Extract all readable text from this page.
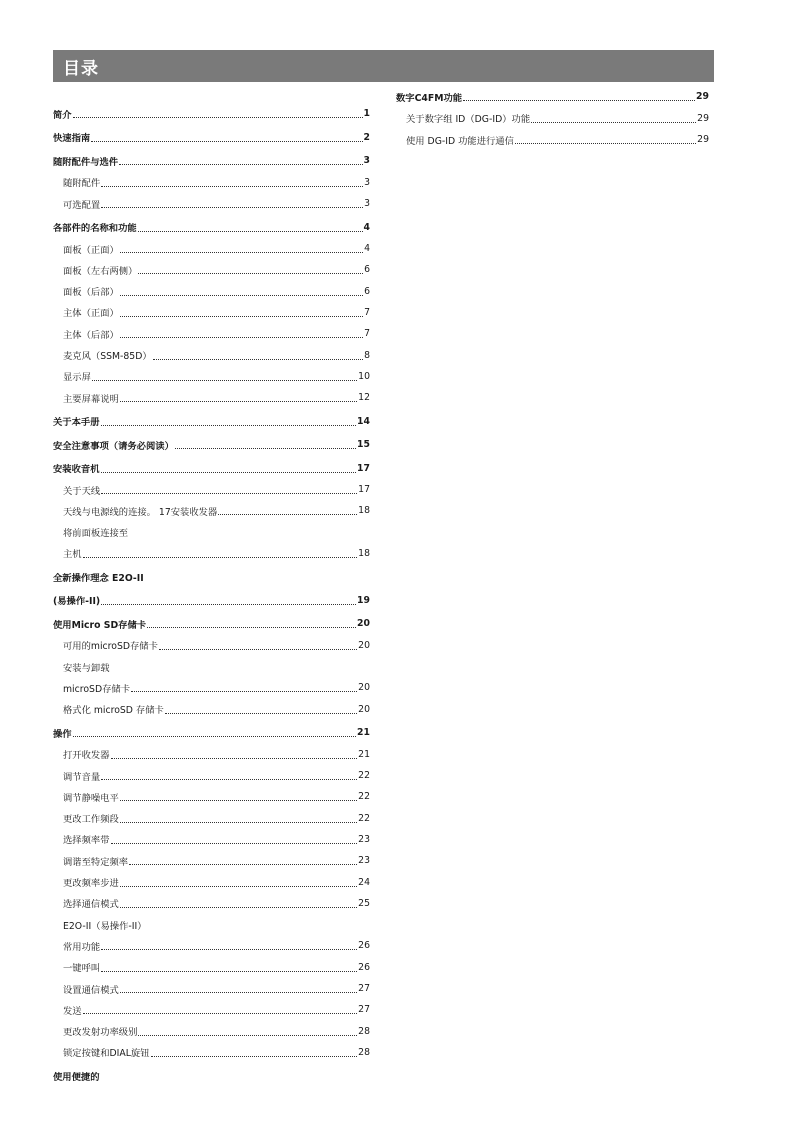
目录
简介	1
快速指南	2
随附配件与选件	3
随附配件	3
可选配置	3
各部件的名称和功能	4
面板（正面）	4
面板（左右两侧）	6
面板（后部）	6
主体（正面）	7
主体（后部）	7
麦克风（SSM-85D）	8
显示屏	10
主要屏幕说明	12
关于本手册	14
安全注意事项（请务必阅读）	15
安装收音机	17
关于天线	17
天线与电源线的连接。 17安装收发器	18
将前面板连接至
主机	18
全新操作理念 E2O-II
(易操作-II)	19
使用Micro SD存储卡	20
可用的microSD存储卡	20
安装与卸载
microSD存储卡	20
格式化 microSD 存储卡	20
操作	21
打开收发器	21
调节音量	22
调节静噪电平	22
更改工作频段	22
选择频率带	23
调谐至特定频率	23
更改频率步进	24
选择通信模式	25
E2O-II（易操作-II）
常用功能	26
一键呼叫	26
设置通信模式	27
发送	27
更改发射功率级别	28
锁定按键和DIAL旋钮	28
使用便捷的
数字C4FM功能	29
关于数字组 ID（DG-ID）功能	29
使用 DG-ID 功能进行通信	29
